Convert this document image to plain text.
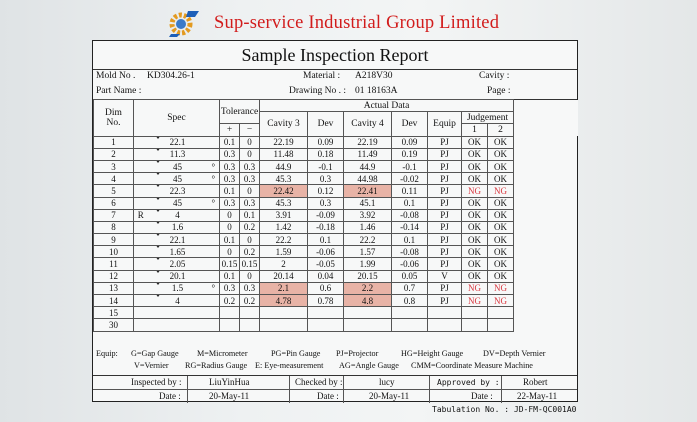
Sup-service Industrial Group Limited
Sample Inspection Report
Mold No . KD304.26-1	Material : A218V30	Cavity :
Part Name :	Drawing No . : 01 18163A	Page :
Dim
No.	Spec			Tolerance		Actual Data							
						Cavity 3	Dev	Cavity 4	Dev	Equip	Judgement		
				+	−						1	2	
1		22.1		0.1	0	22.19	0.09	22.19	0.09	PJ	OK	OK	
2		11.3		0.3	0	11.48	0.18	11.49	0.19	PJ	OK	OK	
3		45	°	0.3	0.3	44.9	-0.1	44.9	-0.1	PJ	OK	OK	
4		45	°	0.3	0.3	45.3	0.3	44.98	-0.02	PJ	OK	OK	
5		22.3		0.1	0	22.42	0.12	22.41	0.11	PJ	NG	NG	
6		45	°	0.3	0.3	45.3	0.3	45.1	0.1	PJ	OK	OK	
7	R	4		0	0.1	3.91	-0.09	3.92	-0.08	PJ	OK	OK	
8		1.6		0	0.2	1.42	-0.18	1.46	-0.14	PJ	OK	OK	
9		22.1		0.1	0	22.2	0.1	22.2	0.1	PJ	OK	OK	
10		1.65		0	0.2	1.59	-0.06	1.57	-0.08	PJ	OK	OK	
11		2.05		0.15	0.15	2	-0.05	1.99	-0.06	PJ	OK	OK	
12		20.1		0.1	0	20.14	0.04	20.15	0.05	V	OK	OK	
13		1.5	°	0.3	0.3	2.1	0.6	2.2	0.7	PJ	NG	NG	
14		4		0.2	0.2	4.78	0.78	4.8	0.8	PJ	NG	NG	
15													
30													
Equip: G=Gap Gauge M=Micrometer	PG=Pin Gauge PJ=Projector	HG=Height Gauge DV=Depth Vernier
V=Vernier RG=Radius Gauge E: Eye-measurement AG=Angle Gauge CMM=Coordinate Measure Machine
Inspected by :	LiuYinHua	Checked by :	lucy	Approved by :	Robert
Date :	20-May-11	Date :	20-May-11	Date :	22-May-11
Tabulation No. : JD-FM-QC001A0
